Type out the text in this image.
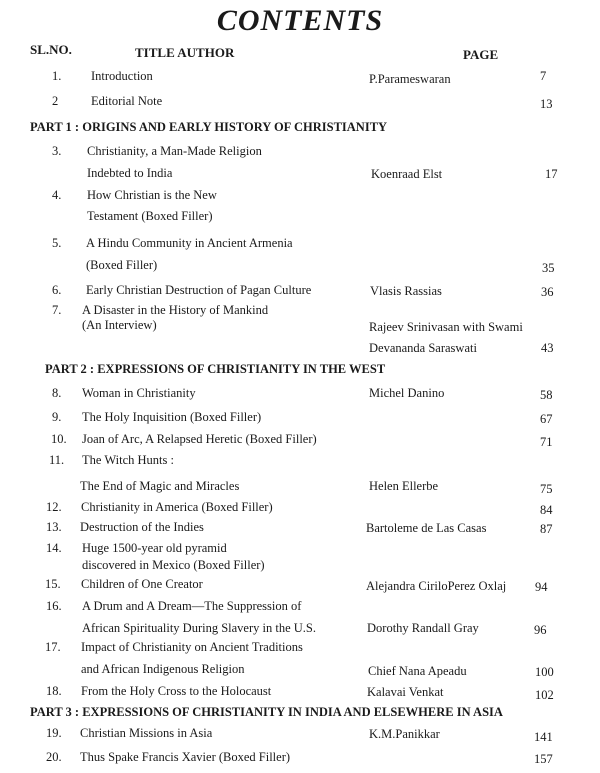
CONTENTS
SL.NO.	TITLE AUTHOR	PAGE
1. Introduction	P.Parameswaran	7
2	Editorial Note	13
PART 1 : ORIGINS AND EARLY HISTORY OF CHRISTIANITY
3. Christianity, a Man-Made Religion
Indebted to India	Koenraad Elst	17
4. How Christian is the New
Testament (Boxed Filler)
5. A Hindu Community in Ancient Armenia
(Boxed Filler)	35
6. Early Christian Destruction of Pagan Culture	Vlasis Rassias	36
7. A Disaster in the History of Mankind
(An Interview)	Rajeev Srinivasan with Swami
Devananda Saraswati	43
PART 2 : EXPRESSIONS OF CHRISTIANITY IN THE WEST
8. Woman in Christianity	Michel Danino	58
9. The Holy Inquisition (Boxed Filler)	67
10. Joan of Arc, A Relapsed Heretic (Boxed Filler)	71
11. The Witch Hunts :
The End of Magic and Miracles	Helen Ellerbe	75
12. Christianity in America (Boxed Filler)	84
13. Destruction of the Indies	Bartoleme de Las Casas	87
14. Huge 1500-year old pyramid
discovered in Mexico (Boxed Filler)
15. Children of One Creator	Alejandra CiriloPerez Oxlaj 94
16. A Drum and A Dream—The Suppression of
African Spirituality During Slavery in the U.S.	Dorothy Randall Gray	96
17. Impact of Christianity on Ancient Traditions
and African Indigenous Religion	Chief Nana Apeadu	100
18. From the Holy Cross to the Holocaust	Kalavai Venkat	102
PART 3 : EXPRESSIONS OF CHRISTIANITY IN INDIA AND ELSEWHERE IN ASIA
19. Christian Missions in Asia	K.M.Panikkar	141
20. Thus Spake Francis Xavier (Boxed Filler)	157
